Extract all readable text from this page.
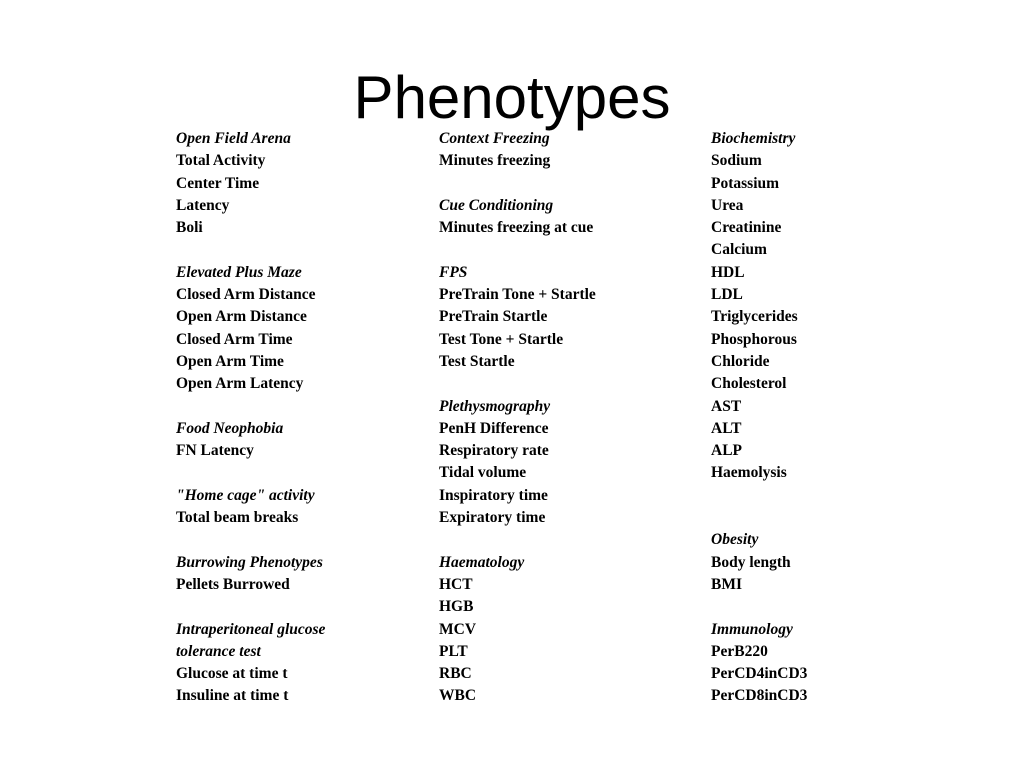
Phenotypes
Open Field Arena
Total Activity
Center Time
Latency
Boli
Elevated Plus Maze
Closed Arm Distance
Open Arm Distance
Closed Arm Time
Open Arm Time
Open Arm Latency
Food Neophobia
FN Latency
"Home cage" activity
Total beam breaks
Burrowing Phenotypes
Pellets Burrowed
Intraperitoneal glucose
tolerance test
Glucose at time t
Insuline at time t
Context Freezing
Minutes freezing
Cue Conditioning
Minutes freezing at cue
FPS
PreTrain Tone + Startle
PreTrain Startle
Test Tone + Startle
Test Startle
Plethysmography
PenH Difference
Respiratory rate
Tidal volume
Inspiratory time
Expiratory time
Haematology
HCT
HGB
MCV
PLT
RBC
WBC
Biochemistry
Sodium
Potassium
Urea
Creatinine
Calcium
HDL
LDL
Triglycerides
Phosphorous
Chloride
Cholesterol
AST
ALT
ALP
Haemolysis
Obesity
Body length
BMI
Immunology
PerB220
PerCD4inCD3
PerCD8inCD3
